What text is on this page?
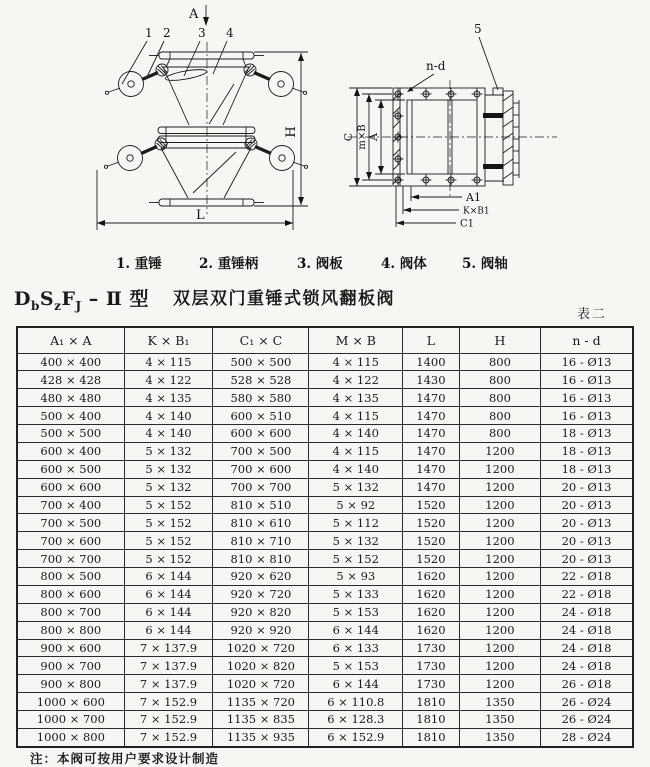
A
1 2 3 4
H
L
5
n-d
C m×B A
A1
K×B1
C1
1. 重锤	2. 重锤柄	3. 阀板	4. 阀体	5. 阀轴
$D_bS_zF_J$ – Ⅱ 型 双层双门重锤式锁风翻板阀
表二
A₁ × A	K × B₁	C₁ × C	M × B	L	H	n - d
400 × 400	4 × 115	500 × 500	4 × 115	1400	800	16 - Ø13
428 × 428	4 × 122	528 × 528	4 × 122	1430	800	16 - Ø13
480 × 480	4 × 135	580 × 580	4 × 135	1470	800	16 - Ø13
500 × 400	4 × 140	600 × 510	4 × 115	1470	800	16 - Ø13
500 × 500	4 × 140	600 × 600	4 × 140	1470	800	18 - Ø13
600 × 400	5 × 132	700 × 500	4 × 115	1470	1200	18 - Ø13
600 × 500	5 × 132	700 × 600	4 × 140	1470	1200	18 - Ø13
600 × 600	5 × 132	700 × 700	5 × 132	1470	1200	20 - Ø13
700 × 400	5 × 152	810 × 510	5 × 92	1520	1200	20 - Ø13
700 × 500	5 × 152	810 × 610	5 × 112	1520	1200	20 - Ø13
700 × 600	5 × 152	810 × 710	5 × 132	1520	1200	20 - Ø13
700 × 700	5 × 152	810 × 810	5 × 152	1520	1200	20 - Ø13
800 × 500	6 × 144	920 × 620	5 × 93	1620	1200	22 - Ø18
800 × 600	6 × 144	920 × 720	5 × 133	1620	1200	22 - Ø18
800 × 700	6 × 144	920 × 820	5 × 153	1620	1200	24 - Ø18
800 × 800	6 × 144	920 × 920	6 × 144	1620	1200	24 - Ø18
900 × 600	7 × 137.9	1020 × 720	6 × 133	1730	1200	24 - Ø18
900 × 700	7 × 137.9	1020 × 820	5 × 153	1730	1200	24 - Ø18
900 × 800	7 × 137.9	1020 × 720	6 × 144	1730	1200	26 - Ø18
1000 × 600	7 × 152.9	1135 × 720	6 × 110.8	1810	1350	26 - Ø24
1000 × 700	7 × 152.9	1135 × 835	6 × 128.3	1810	1350	26 - Ø24
1000 × 800	7 × 152.9	1135 × 935	6 × 152.9	1810	1350	28 - Ø24
注：本阀可按用户要求设计制造
